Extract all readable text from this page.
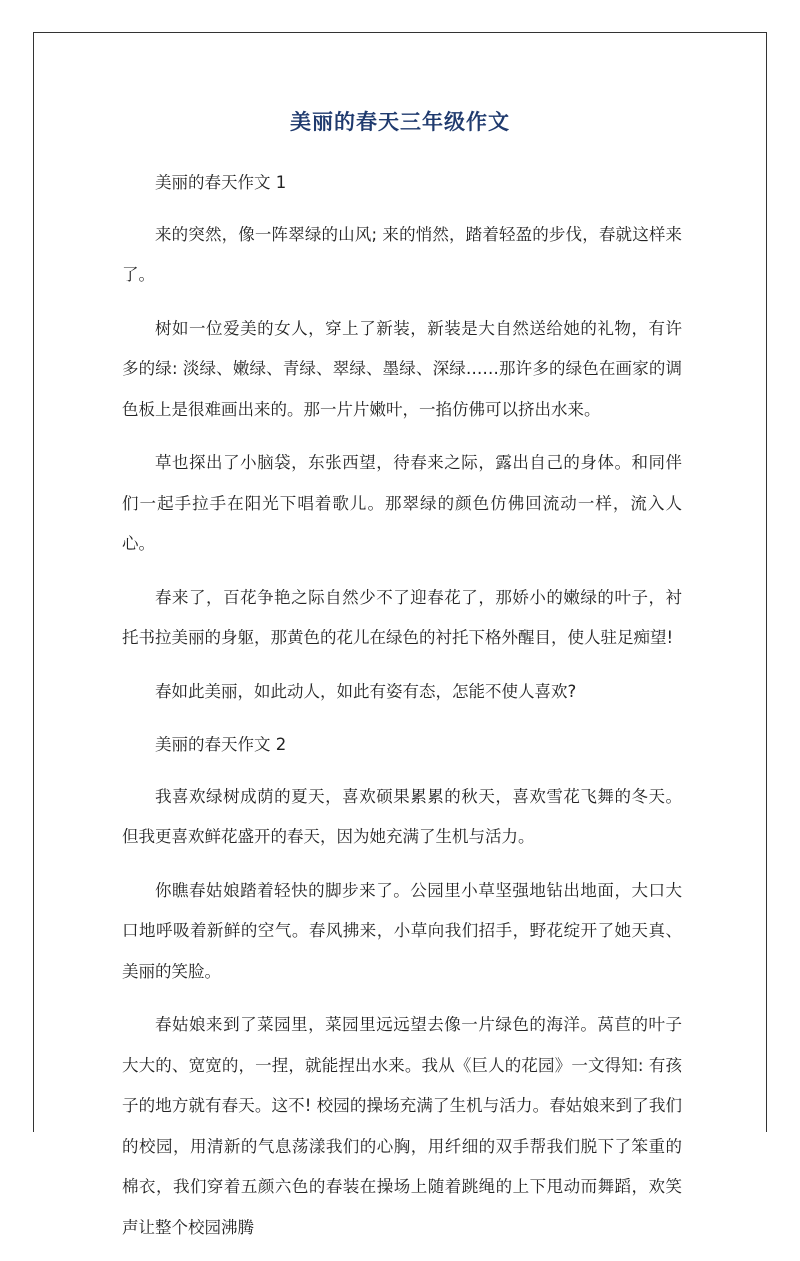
美丽的春天三年级作文

美丽的春天作文 1

来的突然，像一阵翠绿的山风; 来的悄然，踏着轻盈的步伐，春就这样来了。

树如一位爱美的女人，穿上了新装，新装是大自然送给她的礼物，有许多的绿: 淡绿、嫩绿、青绿、翠绿、墨绿、深绿……那许多的绿色在画家的调色板上是很难画出来的。那一片片嫩叶，一掐仿佛可以挤出水来。

草也探出了小脑袋，东张西望，待春来之际，露出自己的身体。和同伴们一起手拉手在阳光下唱着歌儿。那翠绿的颜色仿佛回流动一样，流入人心。

春来了，百花争艳之际自然少不了迎春花了，那娇小的嫩绿的叶子，衬托书拉美丽的身躯，那黄色的花儿在绿色的衬托下格外醒目，使人驻足痴望!

春如此美丽，如此动人，如此有姿有态，怎能不使人喜欢?

美丽的春天作文 2

我喜欢绿树成荫的夏天，喜欢硕果累累的秋天，喜欢雪花飞舞的冬天。但我更喜欢鲜花盛开的春天，因为她充满了生机与活力。

你瞧春姑娘踏着轻快的脚步来了。公园里小草坚强地钻出地面，大口大口地呼吸着新鲜的空气。春风拂来，小草向我们招手，野花绽开了她天真、美丽的笑脸。

春姑娘来到了菜园里，菜园里远远望去像一片绿色的海洋。莴苣的叶子大大的、宽宽的，一捏，就能捏出水来。我从《巨人的花园》一文得知: 有孩子的地方就有春天。这不! 校园的操场充满了生机与活力。春姑娘来到了我们的校园，用清新的气息荡漾我们的心胸，用纤细的双手帮我们脱下了笨重的棉衣，我们穿着五颜六色的春装在操场上随着跳绳的上下甩动而舞蹈，欢笑声让整个校园沸腾
